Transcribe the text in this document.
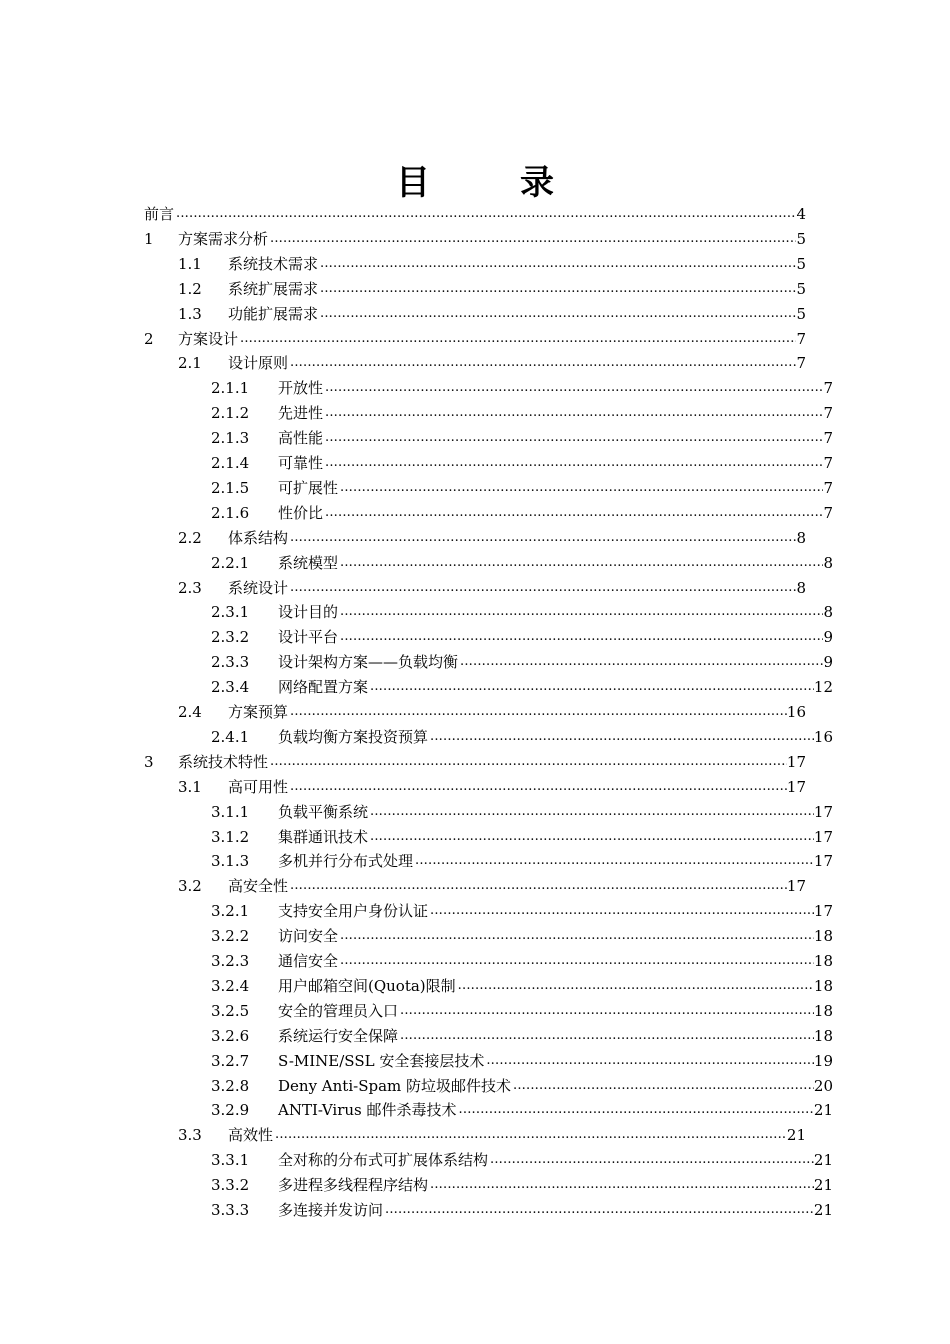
目　录
前言 .....	4
1	方案需求分析 .....	5
1.1	系统技术需求 .....	5
1.2	系统扩展需求 .....	5
1.3	功能扩展需求 .....	5
2	方案设计 .....	7
2.1	设计原则 .....	7
2.1.1	开放性 .....	7
2.1.2	先进性 .....	7
2.1.3	高性能 .....	7
2.1.4	可靠性 .....	7
2.1.5	可扩展性 .....	7
2.1.6	性价比 .....	7
2.2	体系结构 .....	8
2.2.1	系统模型 .....	8
2.3	系统设计 .....	8
2.3.1	设计目的 .....	8
2.3.2	设计平台 .....	9
2.3.3	设计架构方案——负载均衡 .....	9
2.3.4	网络配置方案 .....	12
2.4	方案预算 .....	16
2.4.1	负载均衡方案投资预算 .....	16
3	系统技术特性 .....	17
3.1	高可用性 .....	17
3.1.1	负载平衡系统 .....	17
3.1.2	集群通讯技术 .....	17
3.1.3	多机并行分布式处理 .....	17
3.2	高安全性 .....	17
3.2.1	支持安全用户身份认证 .....	17
3.2.2	访问安全 .....	18
3.2.3	通信安全 .....	18
3.2.4	用户邮箱空间(Quota)限制 .....	18
3.2.5	安全的管理员入口 .....	18
3.2.6	系统运行安全保障 .....	18
3.2.7	S-MINE/SSL 安全套接层技术 .....	19
3.2.8	Deny Anti-Spam 防垃圾邮件技术 .....	20
3.2.9	ANTI-Virus 邮件杀毒技术 .....	21
3.3	高效性 .....	21
3.3.1	全对称的分布式可扩展体系结构 .....	21
3.3.2	多进程多线程程序结构 .....	21
3.3.3	多连接并发访问 .....	21
